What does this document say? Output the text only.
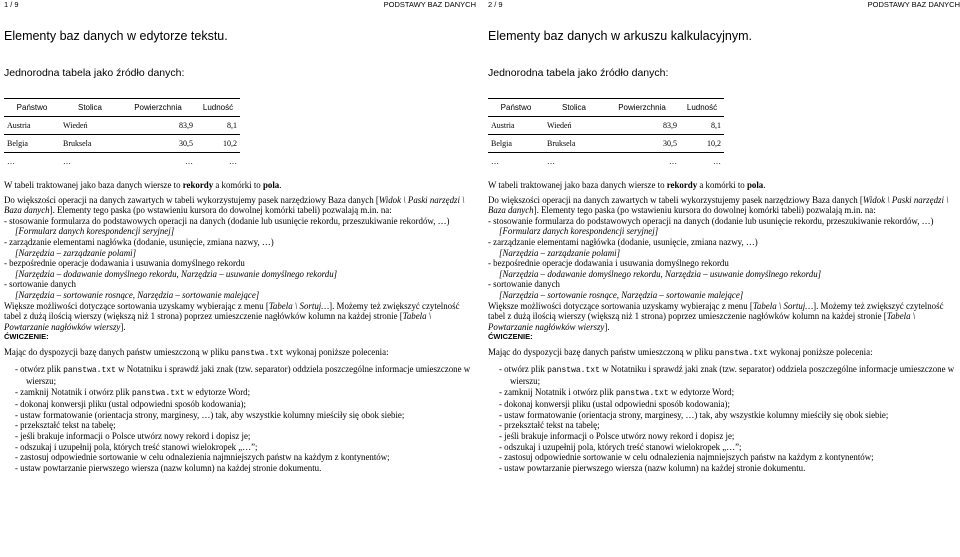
1 / 9	PODSTAWY BAZ DANYCH
Elementy baz danych w edytorze tekstu.
Jednorodna tabela jako źródło danych:
Państwo	Stolica	Powierzchnia	Ludność
Austria	Wiedeń	83,9	8,1
Belgia	Bruksela	30,5	10,2
…	…	…	…

W tabeli traktowanej jako baza danych wiersze to rekordy a komórki to pola.

Do większości operacji na danych zawartych w tabeli wykorzystujemy pasek narzędziowy Baza danych [Widok \ Paski narzędzi \ Baza danych]. Elementy tego paska (po wstawieniu kursora do dowolnej komórki tabeli) pozwalają m.in. na:

- stosowanie formularza do podstawowych operacji na danych (dodanie lub usunięcie rekordu, przeszukiwanie rekordów, …)

[Formularz danych korespondencji seryjnej]

- zarządzanie elementami nagłówka (dodanie, usunięcie, zmiana nazwy, …)

[Narzędzia – zarządzanie polami]

- bezpośrednie operacje dodawania i usuwania domyślnego rekordu

[Narzędzia – dodawanie domyślnego rekordu, Narzędzia – usuwanie domyślnego rekordu]

- sortowanie danych

[Narzędzia – sortowanie rosnące, Narzędzia – sortowanie malejące]

Większe możliwości dotyczące sortowania uzyskamy wybierając z menu [Tabela \ Sortuj…]. Możemy też zwiększyć czytelność tabel z dużą ilością wierszy (większą niż 1 strona) poprzez umieszczenie nagłówków kolumn na każdej stronie [Tabela \ Powtarzanie nagłówków wierszy].

ĆWICZENIE:

Mając do dyspozycji bazę danych państw umieszczoną w pliku panstwa.txt wykonaj poniższe polecenia:

- otwórz plik panstwa.txt w Notatniku i sprawdź jaki znak (tzw. separator) oddziela poszczególne informacje umieszczone w wierszu;

- zamknij Notatnik i otwórz plik panstwa.txt w edytorze Word;

- dokonaj konwersji pliku (ustal odpowiedni sposób kodowania);

- ustaw formatowanie (orientacja strony, marginesy, …) tak, aby wszystkie kolumny mieściły się obok siebie;

- przekształć tekst na tabelę;

- jeśli brakuje informacji o Polsce utwórz nowy rekord i dopisz je;

- odszukaj i uzupełnij pola, których treść stanowi wielokropek „…”;

- zastosuj odpowiednie sortowanie w celu odnalezienia najmniejszych państw na każdym z kontynentów;

- ustaw powtarzanie pierwszego wiersza (nazw kolumn) na każdej stronie dokumentu.

2 / 9	PODSTAWY BAZ DANYCH
Elementy baz danych w arkuszu kalkulacyjnym.
Jednorodna tabela jako źródło danych:
Państwo	Stolica	Powierzchnia	Ludność
Austria	Wiedeń	83,9	8,1
Belgia	Bruksela	30,5	10,2
…	…	…	…

W tabeli traktowanej jako baza danych wiersze to rekordy a komórki to pola.

Do większości operacji na danych zawartych w tabeli wykorzystujemy pasek narzędziowy Baza danych [Widok \ Paski narzędzi \ Baza danych]. Elementy tego paska (po wstawieniu kursora do dowolnej komórki tabeli) pozwalają m.in. na:

- stosowanie formularza do podstawowych operacji na danych (dodanie lub usunięcie rekordu, przeszukiwanie rekordów, …)

[Formularz danych korespondencji seryjnej]

- zarządzanie elementami nagłówka (dodanie, usunięcie, zmiana nazwy, …)

[Narzędzia – zarządzanie polami]

- bezpośrednie operacje dodawania i usuwania domyślnego rekordu

[Narzędzia – dodawanie domyślnego rekordu, Narzędzia – usuwanie domyślnego rekordu]

- sortowanie danych

[Narzędzia – sortowanie rosnące, Narzędzia – sortowanie malejące]

Większe możliwości dotyczące sortowania uzyskamy wybierając z menu [Tabela \ Sortuj…]. Możemy też zwiększyć czytelność tabel z dużą ilością wierszy (większą niż 1 strona) poprzez umieszczenie nagłówków kolumn na każdej stronie [Tabela \ Powtarzanie nagłówków wierszy].

ĆWICZENIE:

Mając do dyspozycji bazę danych państw umieszczoną w pliku panstwa.txt wykonaj poniższe polecenia:

- otwórz plik panstwa.txt w Notatniku i sprawdź jaki znak (tzw. separator) oddziela poszczególne informacje umieszczone w wierszu;

- zamknij Notatnik i otwórz plik panstwa.txt w edytorze Word;

- dokonaj konwersji pliku (ustal odpowiedni sposób kodowania);

- ustaw formatowanie (orientacja strony, marginesy, …) tak, aby wszystkie kolumny mieściły się obok siebie;

- przekształć tekst na tabelę;

- jeśli brakuje informacji o Polsce utwórz nowy rekord i dopisz je;

- odszukaj i uzupełnij pola, których treść stanowi wielokropek „…”;

- zastosuj odpowiednie sortowanie w celu odnalezienia najmniejszych państw na każdym z kontynentów;

- ustaw powtarzanie pierwszego wiersza (nazw kolumn) na każdej stronie dokumentu.
